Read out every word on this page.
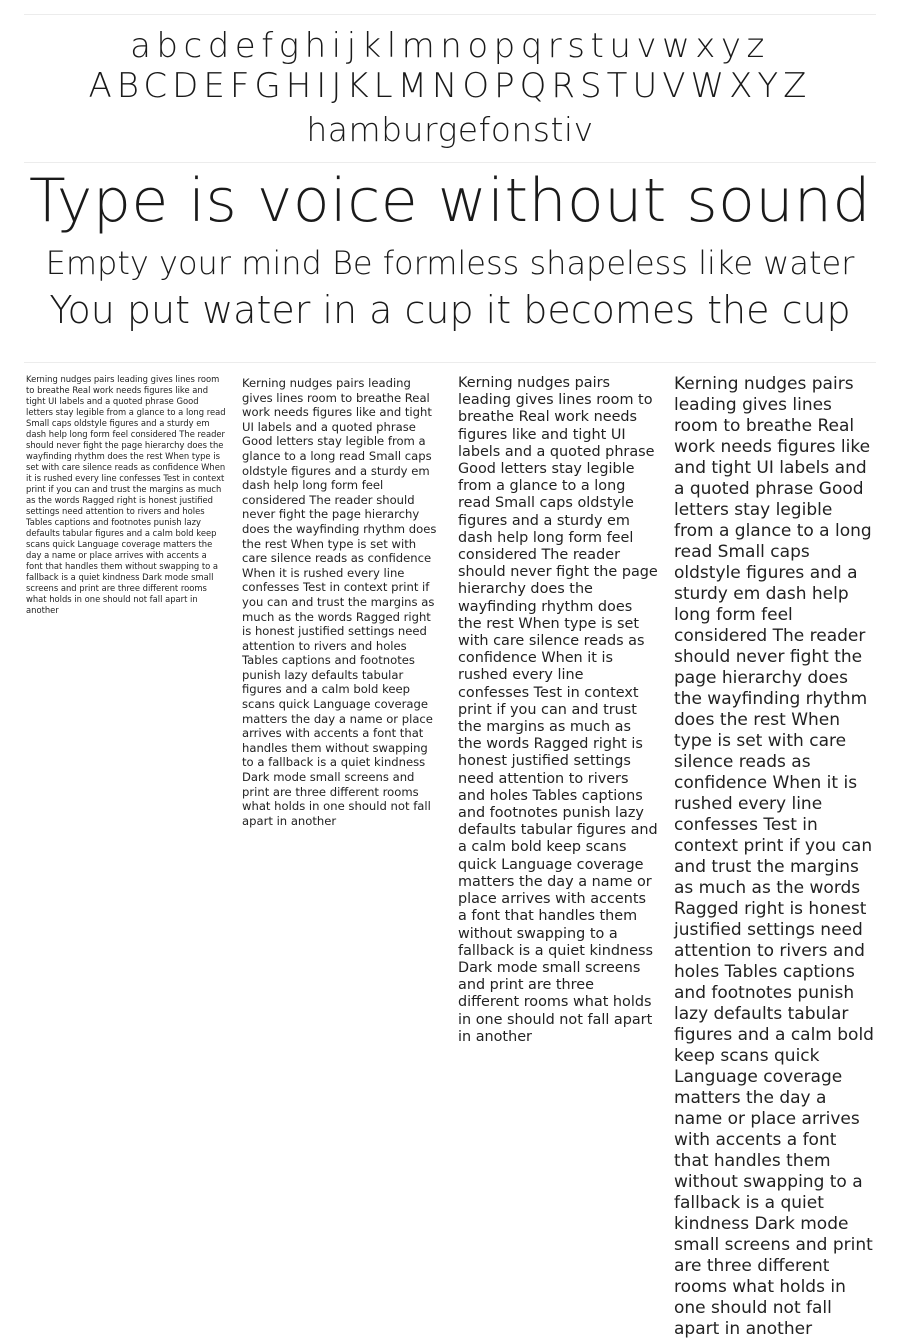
abcdefghijklmnopqrstuvwxyz
ABCDEFGHIJKLMNOPQRSTUVWXYZ
hamburgefonstiv
Type is voice without sound
Empty your mind Be formless shapeless like water
You put water in a cup it becomes the cup
Kerning nudges pairs leading gives lines room to breathe Real work needs figures like and tight UI labels and a quoted phrase Good letters stay legible from a glance to a long read Small caps oldstyle figures and a sturdy em dash help long form feel considered The reader should never fight the page hierarchy does the wayfinding rhythm does the rest When type is set with care silence reads as confidence When it is rushed every line confesses Test in context print if you can and trust the margins as much as the words Ragged right is honest justified settings need attention to rivers and holes Tables captions and footnotes punish lazy defaults tabular figures and a calm bold keep scans quick Language coverage matters the day a name or place arrives with accents a font that handles them without swapping to a fallback is a quiet kindness Dark mode small screens and print are three different rooms what holds in one should not fall apart in another
Kerning nudges pairs leading gives lines room to breathe Real work needs figures like and tight UI labels and a quoted phrase Good letters stay legible from a glance to a long read Small caps oldstyle figures and a sturdy em dash help long form feel considered The reader should never fight the page hierarchy does the wayfinding rhythm does the rest When type is set with care silence reads as confidence When it is rushed every line confesses Test in context print if you can and trust the margins as much as the words Ragged right is honest justified settings need attention to rivers and holes Tables captions and footnotes punish lazy defaults tabular figures and a calm bold keep scans quick Language coverage matters the day a name or place arrives with accents a font that handles them without swapping to a fallback is a quiet kindness Dark mode small screens and print are three different rooms what holds in one should not fall apart in another
Kerning nudges pairs leading gives lines room to breathe Real work needs figures like and tight UI labels and a quoted phrase Good letters stay legible from a glance to a long read Small caps oldstyle figures and a sturdy em dash help long form feel considered The reader should never fight the page hierarchy does the wayfinding rhythm does the rest When type is set with care silence reads as confidence When it is rushed every line confesses Test in context print if you can and trust the margins as much as the words Ragged right is honest justified settings need attention to rivers and holes Tables captions and footnotes punish lazy defaults tabular figures and a calm bold keep scans quick Language coverage matters the day a name or place arrives with accents a font that handles them without swapping to a fallback is a quiet kindness Dark mode small screens and print are three different rooms what holds in one should not fall apart in another
Kerning nudges pairs leading gives lines room to breathe Real work needs figures like and tight UI labels and a quoted phrase Good letters stay legible from a glance to a long read Small caps oldstyle figures and a sturdy em dash help long form feel considered The reader should never fight the page hierarchy does the wayfinding rhythm does the rest When type is set with care silence reads as confidence When it is rushed every line confesses Test in context print if you can and trust the margins as much as the words Ragged right is honest justified settings need attention to rivers and holes Tables captions and footnotes punish lazy defaults tabular figures and a calm bold keep scans quick Language coverage matters the day a name or place arrives with accents a font that handles them without swapping to a fallback is a quiet kindness Dark mode small screens and print are three different rooms what holds in one should not fall apart in another
